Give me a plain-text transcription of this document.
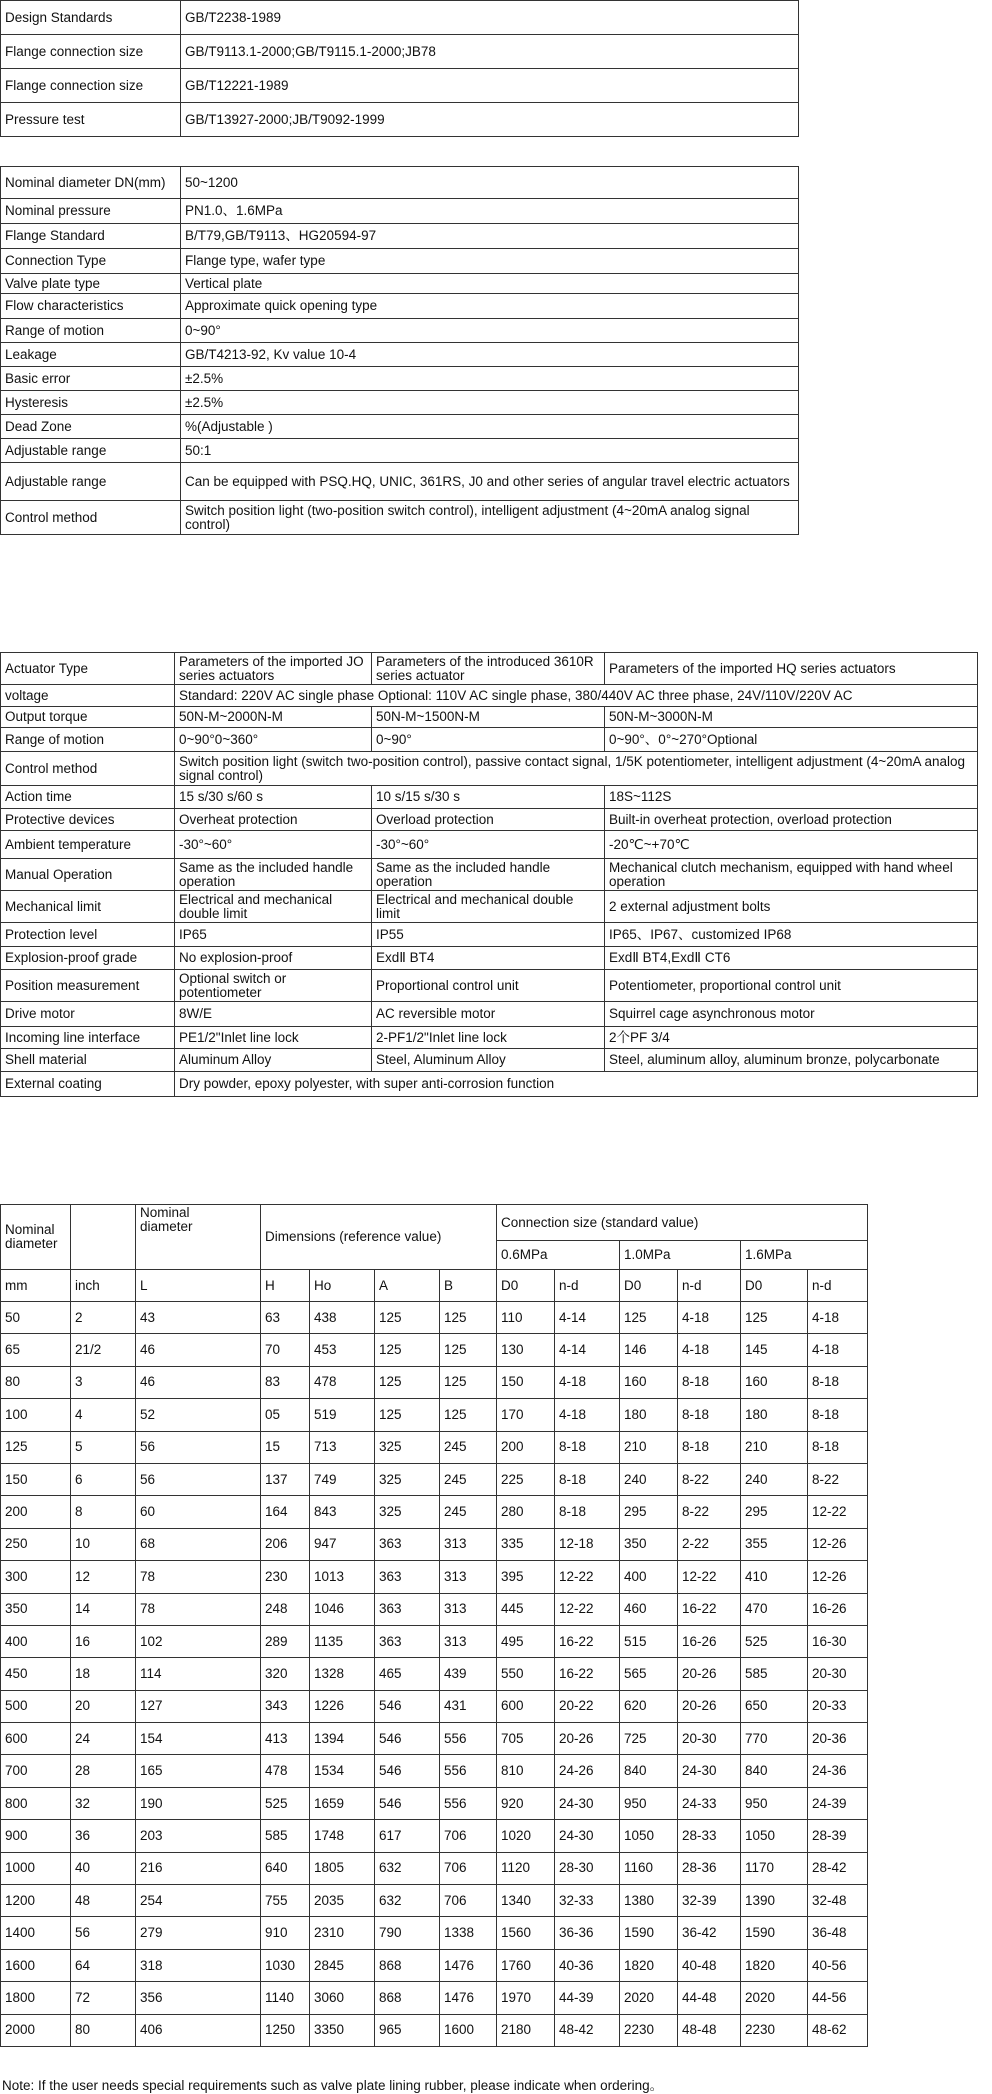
Design Standards	GB/T2238-1989
Flange connection size	GB/T9113.1-2000;GB/T9115.1-2000;JB78
Flange connection size	GB/T12221-1989
Pressure test	GB/T13927-2000;JB/T9092-1999
Nominal diameter DN(mm)	50~1200
Nominal pressure	PN1.0、1.6MPa
Flange Standard	B/T79,GB/T9113、HG20594-97
Connection Type	Flange type, wafer type
Valve plate type	Vertical plate
Flow characteristics	Approximate quick opening type
Range of motion	0~90°
Leakage	GB/T4213-92, Kv value 10-4
Basic error	±2.5%
Hysteresis	±2.5%
Dead Zone	%(Adjustable )
Adjustable range	50:1
Adjustable range	Can be equipped with PSQ.HQ, UNIC, 361RS, J0 and other series of angular travel electric actuators
Control method	Switch position light (two-position switch control), intelligent adjustment (4~20mA analog signal control)
Actuator Type	Parameters of the imported JO series actuators	Parameters of the introduced 3610R series actuator	Parameters of the imported HQ series actuators
voltage	Standard: 220V AC single phase Optional: 110V AC single phase, 380/440V AC three phase, 24V/110V/220V AC		
Output torque	50N-M~2000N-M	50N-M~1500N-M	50N-M~3000N-M
Range of motion	0~90°0~360°	0~90°	0~90°、0°~270°Optional
Control method	Switch position light (switch two-position control), passive contact signal, 1/5K potentiometer, intelligent adjustment (4~20mA analog signal control)		
Action time	15 s/30 s/60 s	10 s/15 s/30 s	18S~112S
Protective devices	Overheat protection	Overload protection	Built-in overheat protection, overload protection
Ambient temperature	-30°~60°	-30°~60°	-20℃~+70℃
Manual Operation	Same as the included handle operation	Same as the included handle operation	Mechanical clutch mechanism, equipped with hand wheel operation
Mechanical limit	Electrical and mechanical double limit	Electrical and mechanical double limit	2 external adjustment bolts
Protection level	IP65	IP55	IP65、IP67、customized IP68
Explosion-proof grade	No explosion-proof	ExdⅡ BT4	ExdⅡ BT4,ExdⅡ CT6
Position measurement	Optional switch or potentiometer	Proportional control unit	Potentiometer, proportional control unit
Drive motor	8W/E	AC reversible motor	Squirrel cage asynchronous motor
Incoming line interface	PE1/2"Inlet line lock	2-PF1/2"Inlet line lock	2个PF 3/4
Shell material	Aluminum Alloy	Steel, Aluminum Alloy	Steel, aluminum alloy, aluminum bronze, polycarbonate
External coating	Dry powder, epoxy polyester, with super anti-corrosion function		
Nominal diameter		Nominal diameter	Dimensions (reference value)				Connection size (standard value)					
							0.6MPa		1.0MPa		1.6MPa	
mm	inch	L	H	Ho	A	B	D0	n-d	D0	n-d	D0	n-d
50	2	43	63	438	125	125	110	4-14	125	4-18	125	4-18
65	21/2	46	70	453	125	125	130	4-14	146	4-18	145	4-18
80	3	46	83	478	125	125	150	4-18	160	8-18	160	8-18
100	4	52	05	519	125	125	170	4-18	180	8-18	180	8-18
125	5	56	15	713	325	245	200	8-18	210	8-18	210	8-18
150	6	56	137	749	325	245	225	8-18	240	8-22	240	8-22
200	8	60	164	843	325	245	280	8-18	295	8-22	295	12-22
250	10	68	206	947	363	313	335	12-18	350	2-22	355	12-26
300	12	78	230	1013	363	313	395	12-22	400	12-22	410	12-26
350	14	78	248	1046	363	313	445	12-22	460	16-22	470	16-26
400	16	102	289	1135	363	313	495	16-22	515	16-26	525	16-30
450	18	114	320	1328	465	439	550	16-22	565	20-26	585	20-30
500	20	127	343	1226	546	431	600	20-22	620	20-26	650	20-33
600	24	154	413	1394	546	556	705	20-26	725	20-30	770	20-36
700	28	165	478	1534	546	556	810	24-26	840	24-30	840	24-36
800	32	190	525	1659	546	556	920	24-30	950	24-33	950	24-39
900	36	203	585	1748	617	706	1020	24-30	1050	28-33	1050	28-39
1000	40	216	640	1805	632	706	1120	28-30	1160	28-36	1170	28-42
1200	48	254	755	2035	632	706	1340	32-33	1380	32-39	1390	32-48
1400	56	279	910	2310	790	1338	1560	36-36	1590	36-42	1590	36-48
1600	64	318	1030	2845	868	1476	1760	40-36	1820	40-48	1820	40-56
1800	72	356	1140	3060	868	1476	1970	44-39	2020	44-48	2020	44-56
2000	80	406	1250	3350	965	1600	2180	48-42	2230	48-48	2230	48-62
Note: If the user needs special requirements such as valve plate lining rubber, please indicate when ordering。
